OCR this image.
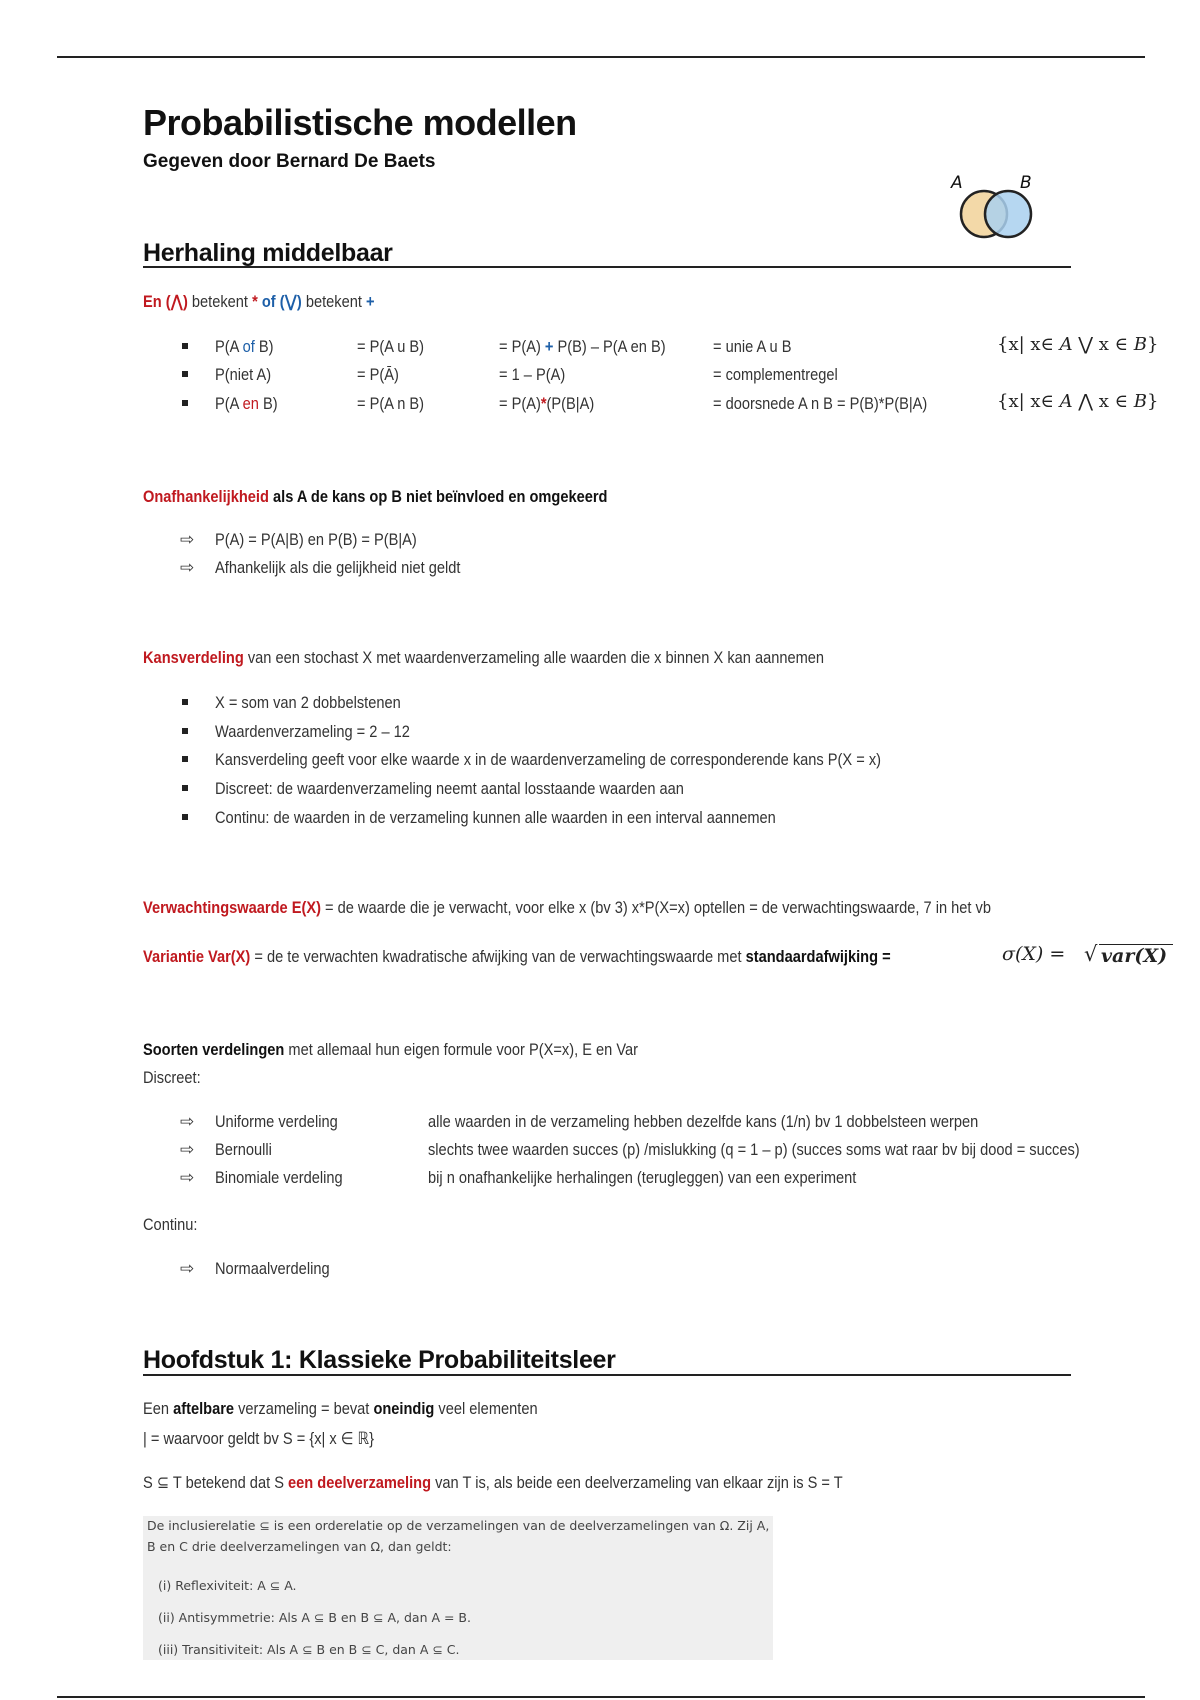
Probabilistische modellen
Gegeven door Bernard De Baets
A	B
Herhaling middelbaar
En (⋀) betekent * of (⋁) betekent +
P(A of B)	= P(A u B)	= P(A) + P(B) – P(A en B)	= unie A u B	{x| x∈ 𝐴 ⋁ x ∈ 𝐵}
P(niet A)	= P(Ā)	= 1 – P(A)	= complementregel
P(A en B)	= P(A n B)	= P(A)*(P(B|A)	= doorsnede A n B = P(B)*P(B|A)	{x| x∈ 𝐴 ⋀ x ∈ 𝐵}
Onafhankelijkheid als A de kans op B niet beïnvloed en omgekeerd
⇨ P(A) = P(A|B) en P(B) = P(B|A)
⇨ Afhankelijk als die gelijkheid niet geldt
Kansverdeling van een stochast X met waardenverzameling alle waarden die x binnen X kan aannemen
X = som van 2 dobbelstenen
Waardenverzameling = 2 – 12
Kansverdeling geeft voor elke waarde x in de waardenverzameling de corresponderende kans P(X = x)
Discreet: de waardenverzameling neemt aantal losstaande waarden aan
Continu: de waarden in de verzameling kunnen alle waarden in een interval aannemen
Verwachtingswaarde E(X) = de waarde die je verwacht, voor elke x (bv 3) x*P(X=x) optellen = de verwachtingswaarde, 7 in het vb
Variantie Var(X) = de te verwachten kwadratische afwijking van de verwachtingswaarde met standaardafwijking =	σ(X) = √ var(X)
Soorten verdelingen met allemaal hun eigen formule voor P(X=x), E en Var
Discreet:
⇨ Uniforme verdeling	alle waarden in de verzameling hebben dezelfde kans (1/n) bv 1 dobbelsteen werpen
⇨ Bernoulli	slechts twee waarden succes (p) /mislukking (q = 1 – p) (succes soms wat raar bv bij dood = succes)
⇨ Binomiale verdeling	bij n onafhankelijke herhalingen (terugleggen) van een experiment
Continu:
⇨ Normaalverdeling
Hoofdstuk 1: Klassieke Probabiliteitsleer
Een aftelbare verzameling = bevat oneindig veel elementen
| = waarvoor geldt bv S = {x| x ∈ ℝ}
S ⊆ T betekend dat S een deelverzameling van T is, als beide een deelverzameling van elkaar zijn is S = T
De inclusierelatie ⊆ is een orderelatie op de verzamelingen van de deelverzamelingen van Ω. Zij A,
B en C drie deelverzamelingen van Ω, dan geldt:
(i) Reflexiviteit: A ⊆ A.
(ii) Antisymmetrie: Als A ⊆ B en B ⊆ A, dan A = B.
(iii) Transitiviteit: Als A ⊆ B en B ⊆ C, dan A ⊆ C.
